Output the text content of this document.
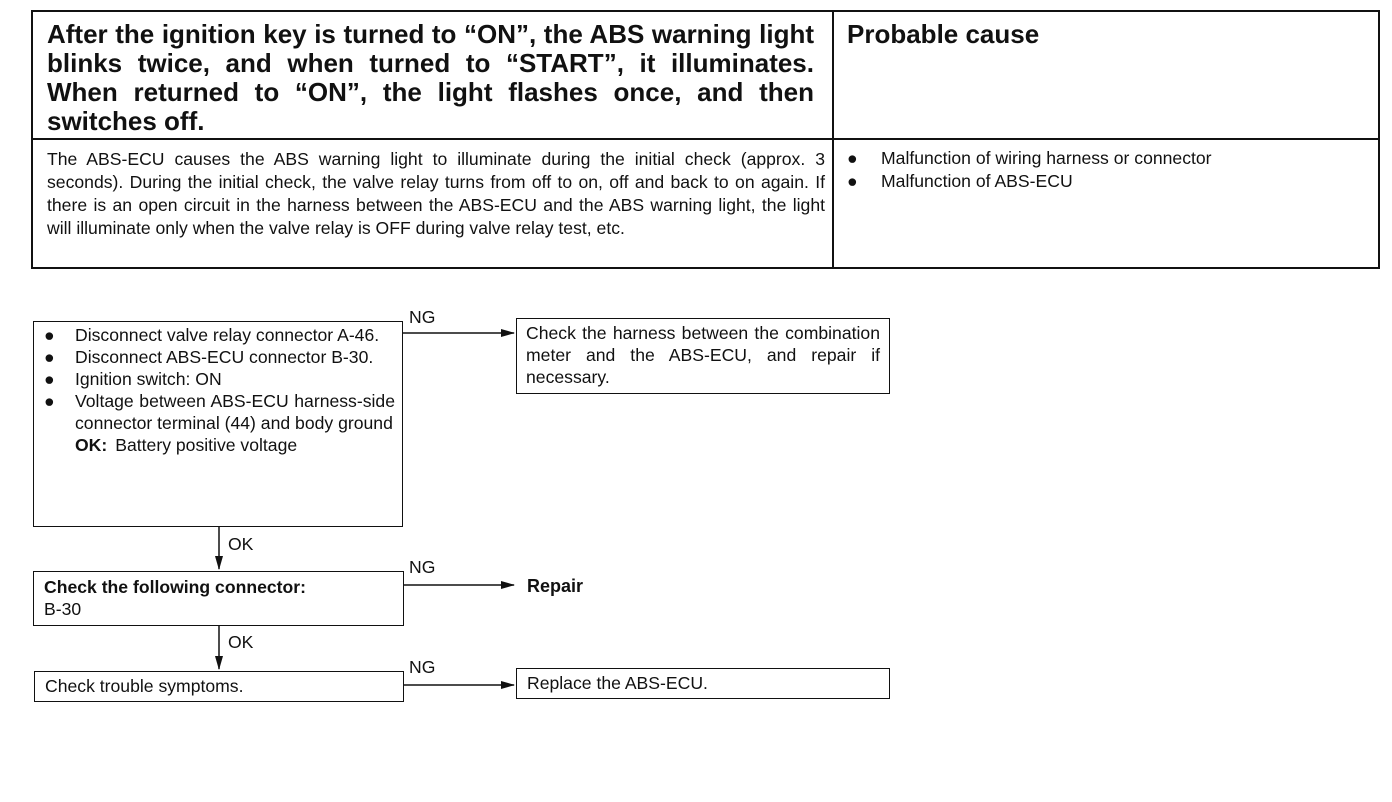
After the ignition key is turned to “ON”, the ABS warning light blinks twice, and when turned to “START”, it illuminates. When returned to “ON”, the light flashes once, and then switches off.
Probable cause
The ABS-ECU causes the ABS warning light to illuminate during the initial check (approx. 3 seconds). During the initial check, the valve relay turns from off to on, off and back to on again. If there is an open circuit in the harness between the ABS-ECU and the ABS warning light, the light will illuminate only when the valve relay is OFF during valve relay test, etc.
● Malfunction of wiring harness or connector
● Malfunction of ABS-ECU
● Disconnect valve relay connector A-46.
● Disconnect ABS-ECU connector B-30.
● Ignition switch: ON
● Voltage between ABS-ECU harness-side connector terminal (44) and body ground
OK: Battery positive voltage
NG
Check the harness between the combination meter and the ABS-ECU, and repair if necessary.
OK
Check the following connector:
B-30
NG
Repair
OK
Check trouble symptoms.
NG
Replace the ABS-ECU.
